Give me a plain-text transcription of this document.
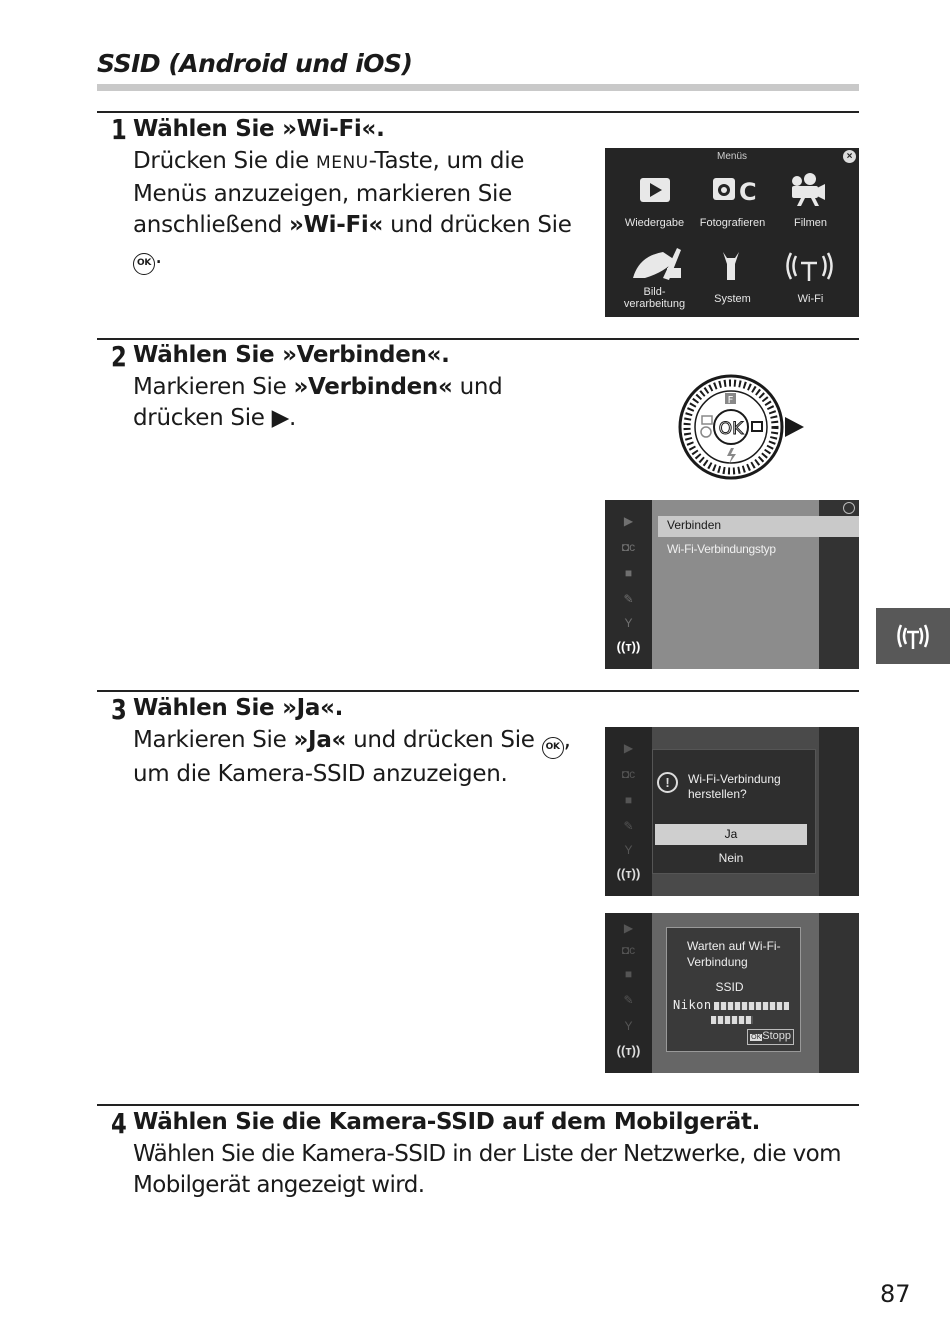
SSID (Android und iOS)
1 Wählen Sie »Wi-Fi«.
Drücken Sie die MENU-Taste, um die
Menüs anzuzeigen, markieren Sie
anschließend »Wi-Fi« und drücken Sie
OK .
Menüs	×
C
Wiedergabe	Fotografieren	Filmen
Bild-
verarbeitung	System	Wi-Fi
2 Wählen Sie »Verbinden«.
Markieren Sie »Verbinden« und
drücken Sie ▶.	OK
F
▶
◘c
■
✎
Y
((ᴛ))
Verbinden
Wi-Fi-Verbindungstyp
3 Wählen Sie »Ja«.
Markieren Sie »Ja« und drücken Sie OK ,
um die Kamera-SSID anzuzeigen.
▶
◘c
■
✎
Y
((ᴛ))
!	Wi-Fi-Verbindung
herstellen?
Ja
Nein
▶
◘c
■
✎
Y
((ᴛ))
Warten auf Wi-Fi-
Verbindung
SSID
Nikon
OKStopp
4 Wählen Sie die Kamera-SSID auf dem Mobilgerät.
Wählen Sie die Kamera-SSID in der Liste der Netzwerke, die vom
Mobilgerät angezeigt wird.
87
